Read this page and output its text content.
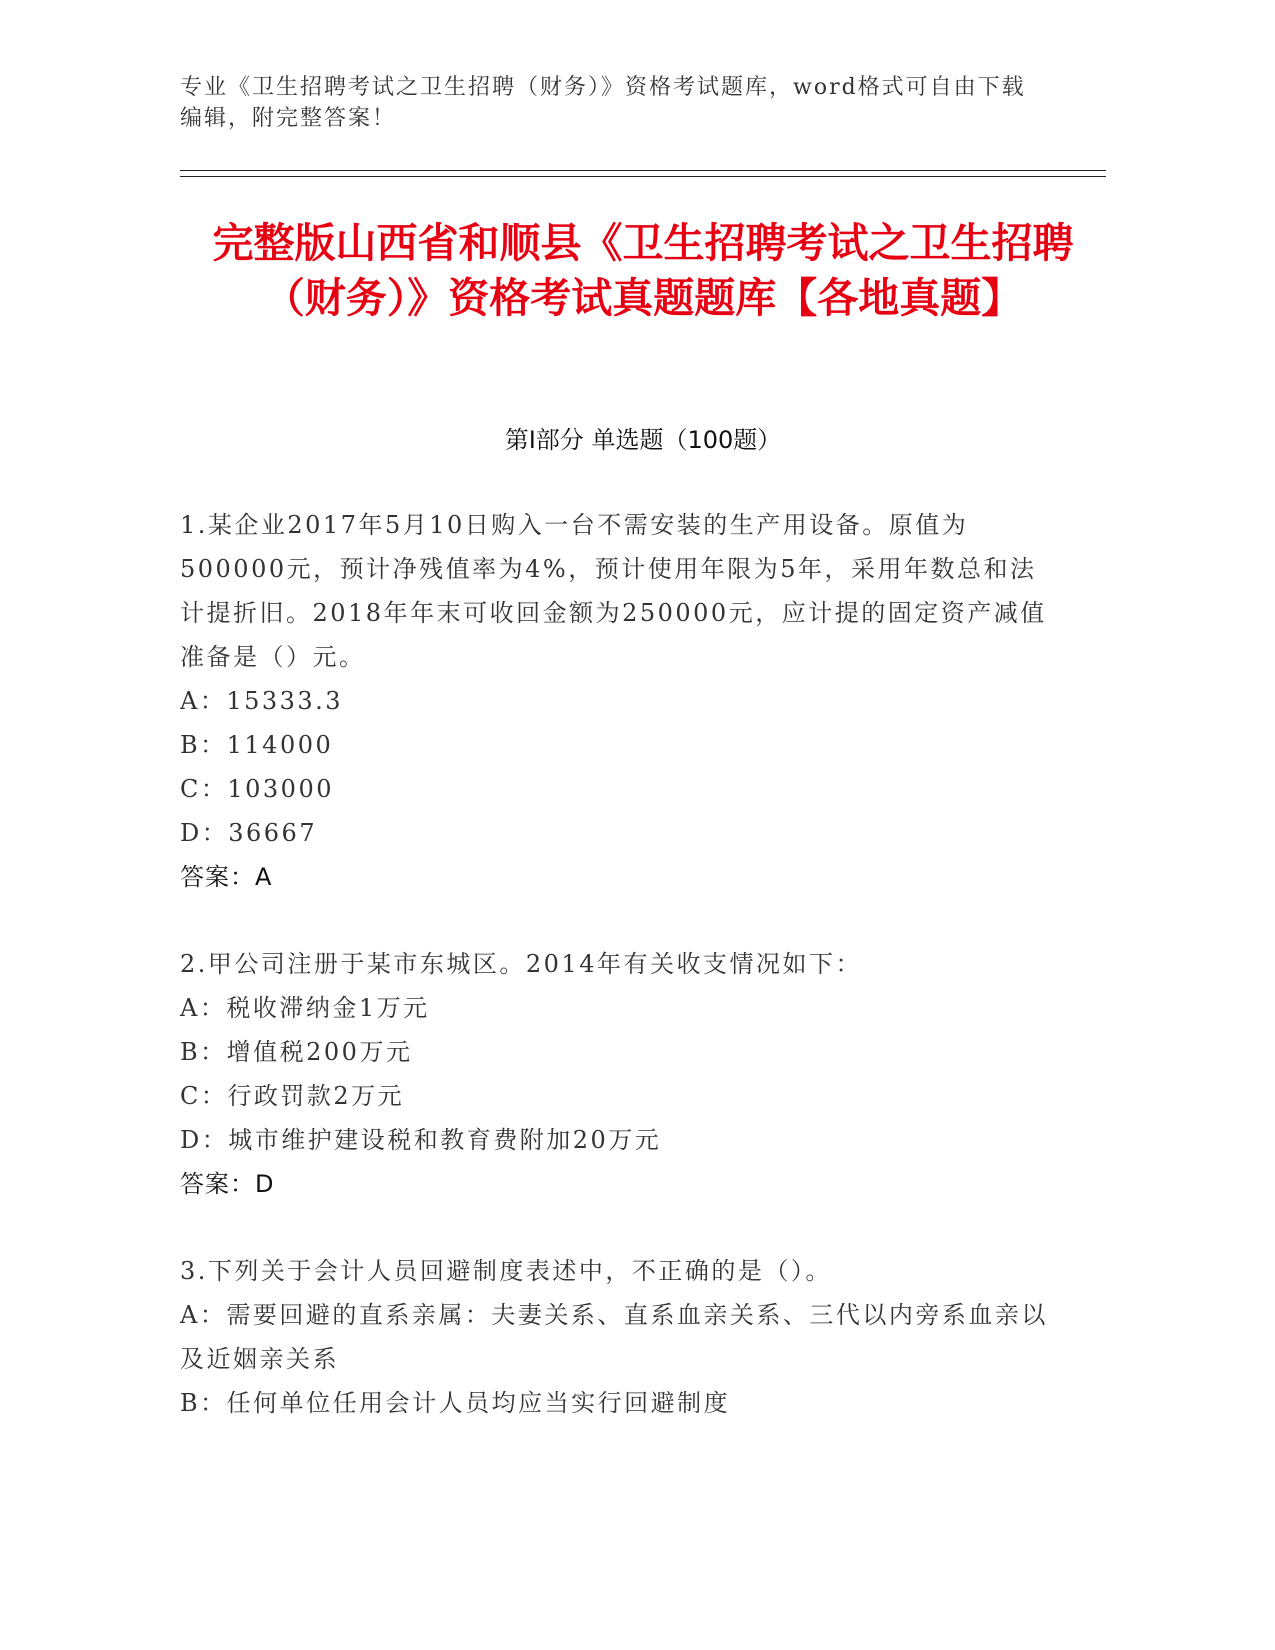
专业《卫生招聘考试之卫生招聘（财务）》资格考试题库，word格式可自由下载编辑，附完整答案！
完整版山西省和顺县《卫生招聘考试之卫生招聘（财务）》资格考试真题题库【各地真题】
第Ⅰ部分 单选题（100题）
1.某企业2017年5月10日购入一台不需安装的生产用设备。原值为500000元，预计净残值率为4%，预计使用年限为5年，采用年数总和法计提折旧。2018年年末可收回金额为250000元，应计提的固定资产减值准备是（）元。
A：15333.3
B：114000
C：103000
D：36667
答案：A
2.甲公司注册于某市东城区。2014年有关收支情况如下：
A：税收滞纳金1万元
B：增值税200万元
C：行政罚款2万元
D：城市维护建设税和教育费附加20万元
答案：D
3.下列关于会计人员回避制度表述中，不正确的是（）。
A：需要回避的直系亲属：夫妻关系、直系血亲关系、三代以内旁系血亲以及近姻亲关系
B：任何单位任用会计人员均应当实行回避制度
